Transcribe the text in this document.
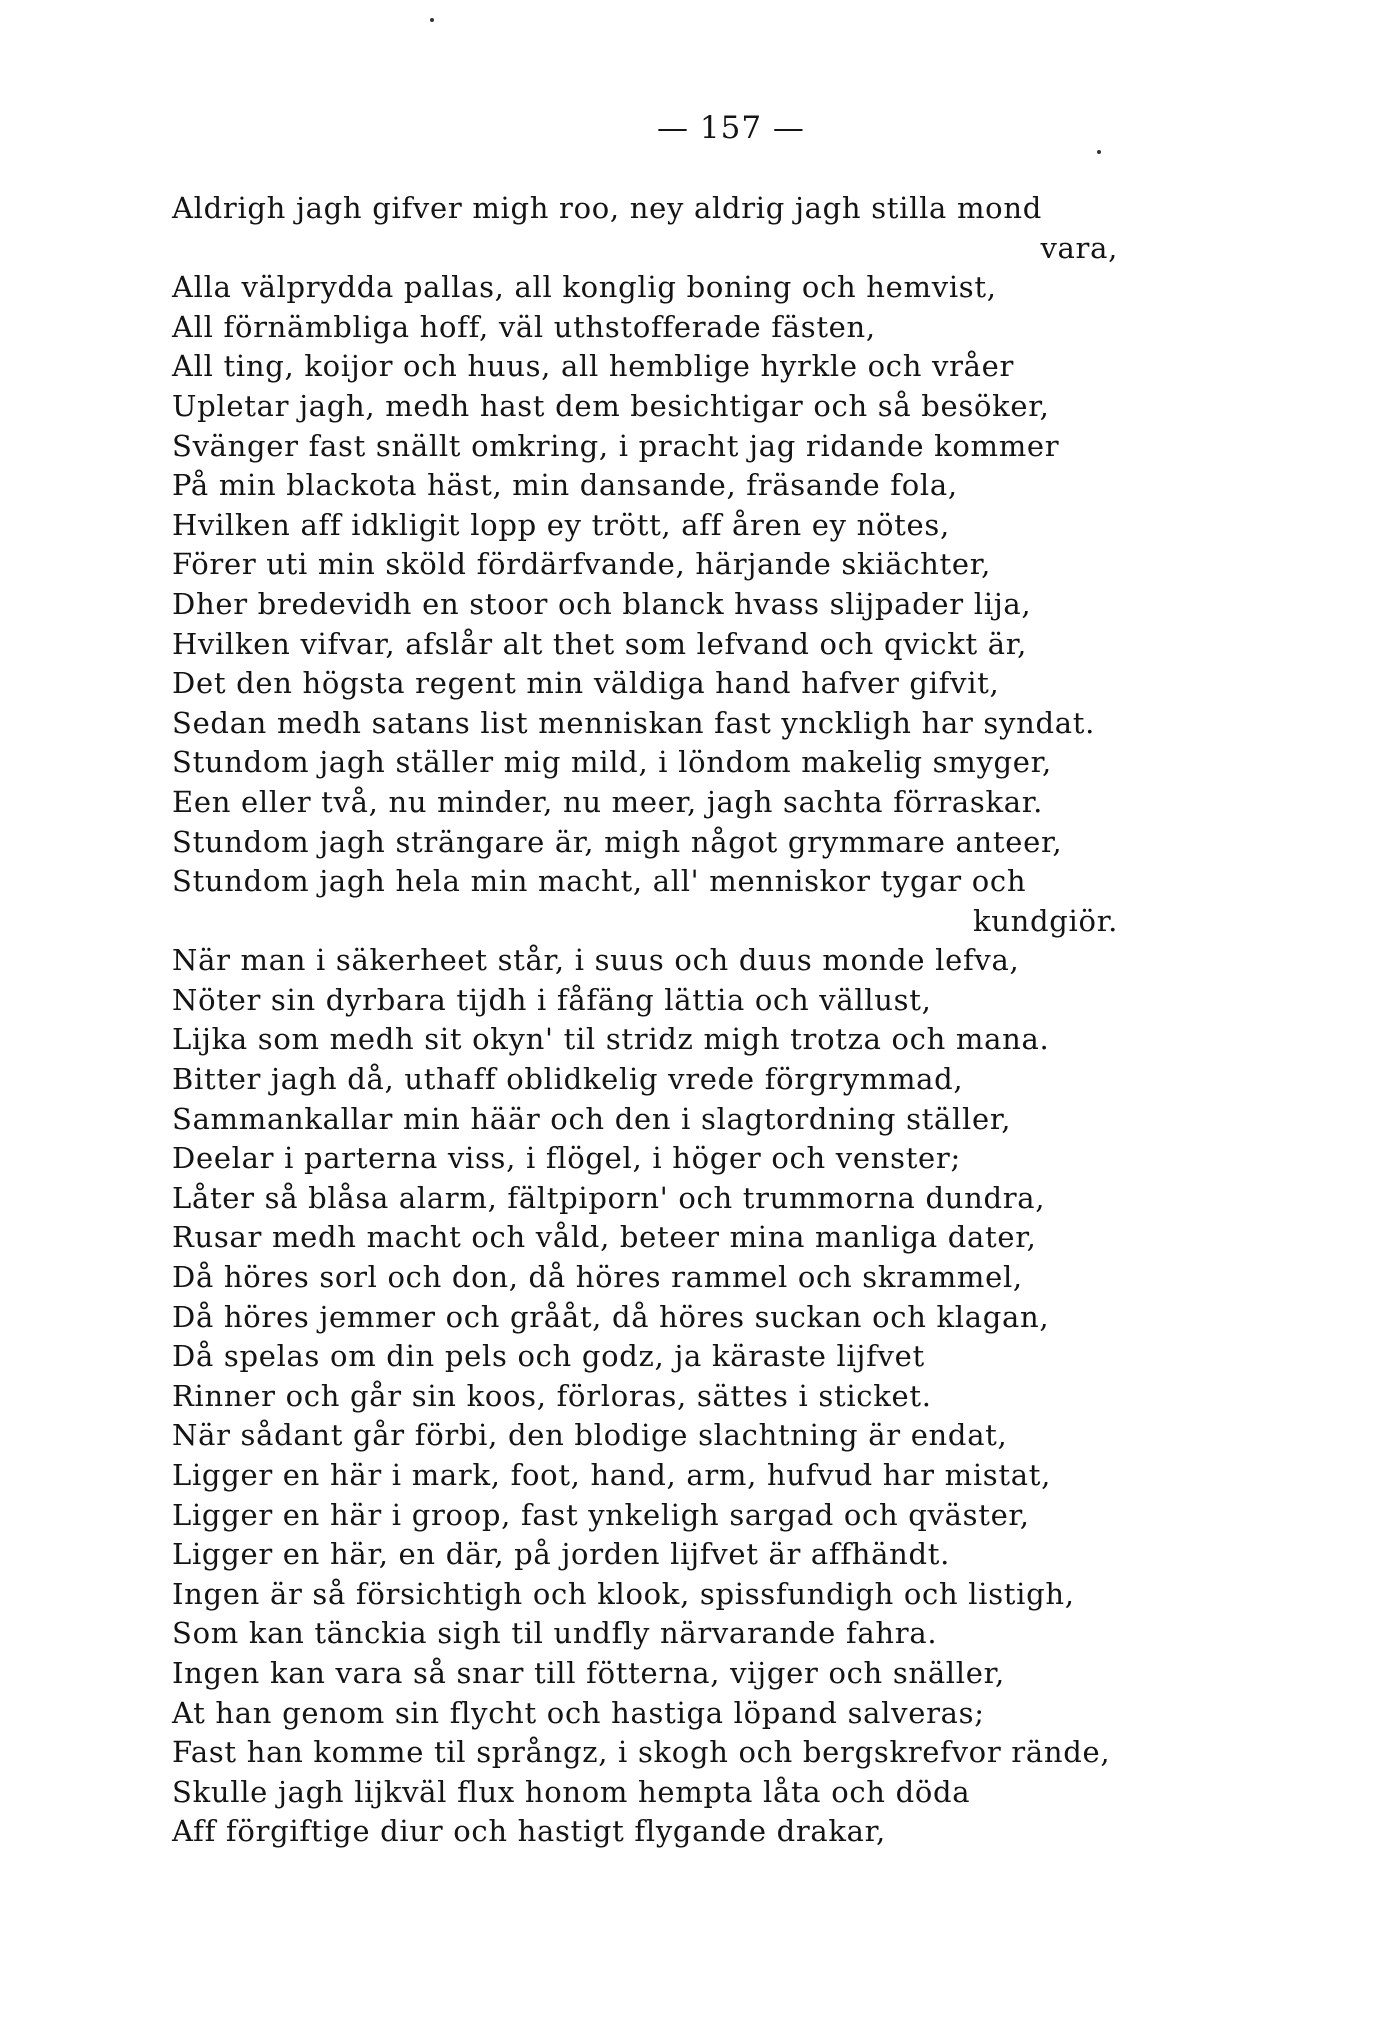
— 157 —
Aldrigh jagh gifver migh roo, ney aldrig jagh stilla mond
vara,
Alla välprydda pallas, all konglig boning och hemvist,
All förnämbliga hoff, väl uthstofferade fästen,
All ting, koijor och huus, all hemblige hyrkle och vråer
Upletar jagh, medh hast dem besichtigar och så besöker,
Svänger fast snällt omkring, i pracht jag ridande kommer
På min blackota häst, min dansande, fräsande fola,
Hvilken aff idkligit lopp ey trött, aff åren ey nötes,
Förer uti min sköld fördärfvande, härjande skiächter,
Dher bredevidh en stoor och blanck hvass slijpader lija,
Hvilken vifvar, afslår alt thet som lefvand och qvickt är,
Det den högsta regent min väldiga hand hafver gifvit,
Sedan medh satans list menniskan fast ynckligh har syndat.
Stundom jagh ställer mig mild, i löndom makelig smyger,
Een eller två, nu minder, nu meer, jagh sachta förraskar.
Stundom jagh strängare är, migh något grymmare anteer,
Stundom jagh hela min macht, all' menniskor tygar och
kundgiör.
När man i säkerheet står, i suus och duus monde lefva,
Nöter sin dyrbara tijdh i fåfäng lättia och vällust,
Lijka som medh sit okyn' til stridz migh trotza och mana.
Bitter jagh då, uthaff oblidkelig vrede förgrymmad,
Sammankallar min häär och den i slagtordning ställer,
Deelar i parterna viss, i flögel, i höger och venster;
Låter så blåsa alarm, fältpiporn' och trummorna dundra,
Rusar medh macht och våld, beteer mina manliga dater,
Då höres sorl och don, då höres rammel och skrammel,
Då höres jemmer och grååt, då höres suckan och klagan,
Då spelas om din pels och godz, ja käraste lijfvet
Rinner och går sin koos, förloras, sättes i sticket.
När sådant går förbi, den blodige slachtning är endat,
Ligger en här i mark, foot, hand, arm, hufvud har mistat,
Ligger en här i groop, fast ynkeligh sargad och qväster,
Ligger en här, en där, på jorden lijfvet är affhändt.
Ingen är så försichtigh och klook, spissfundigh och listigh,
Som kan tänckia sigh til undfly närvarande fahra.
Ingen kan vara så snar till fötterna, vijger och snäller,
At han genom sin flycht och hastiga löpand salveras;
Fast han komme til språngz, i skogh och bergskrefvor rände,
Skulle jagh lijkväl flux honom hempta låta och döda
Aff förgiftige diur och hastigt flygande drakar,
